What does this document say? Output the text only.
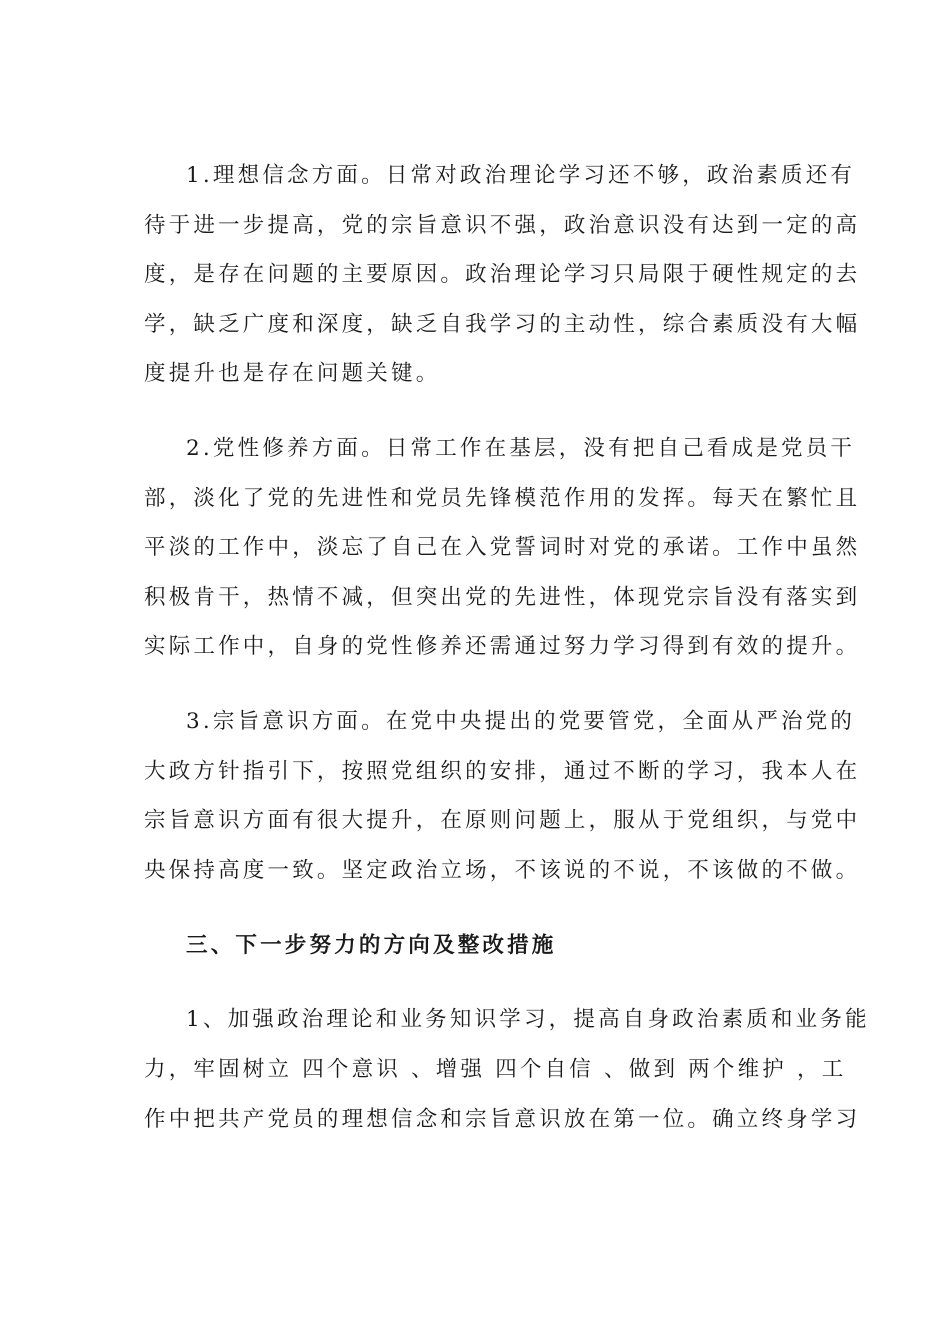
1.理想信念方面。日常对政治理论学习还不够，政治素质还有
待于进一步提高，党的宗旨意识不强，政治意识没有达到一定的高
度，是存在问题的主要原因。政治理论学习只局限于硬性规定的去
学，缺乏广度和深度，缺乏自我学习的主动性，综合素质没有大幅
度提升也是存在问题关键。
2.党性修养方面。日常工作在基层，没有把自己看成是党员干
部，淡化了党的先进性和党员先锋模范作用的发挥。每天在繁忙且
平淡的工作中，淡忘了自己在入党誓词时对党的承诺。工作中虽然
积极肯干，热情不减，但突出党的先进性，体现党宗旨没有落实到
实际工作中，自身的党性修养还需通过努力学习得到有效的提升。
3.宗旨意识方面。在党中央提出的党要管党，全面从严治党的
大政方针指引下，按照党组织的安排，通过不断的学习，我本人在
宗旨意识方面有很大提升，在原则问题上，服从于党组织，与党中
央保持高度一致。坚定政治立场，不该说的不说，不该做的不做。
三、下一步努力的方向及整改措施
1、加强政治理论和业务知识学习，提高自身政治素质和业务能
力，牢固树立 四个意识 、增强 四个自信 、做到 两个维护 ，工
作中把共产党员的理想信念和宗旨意识放在第一位。确立终身学习
